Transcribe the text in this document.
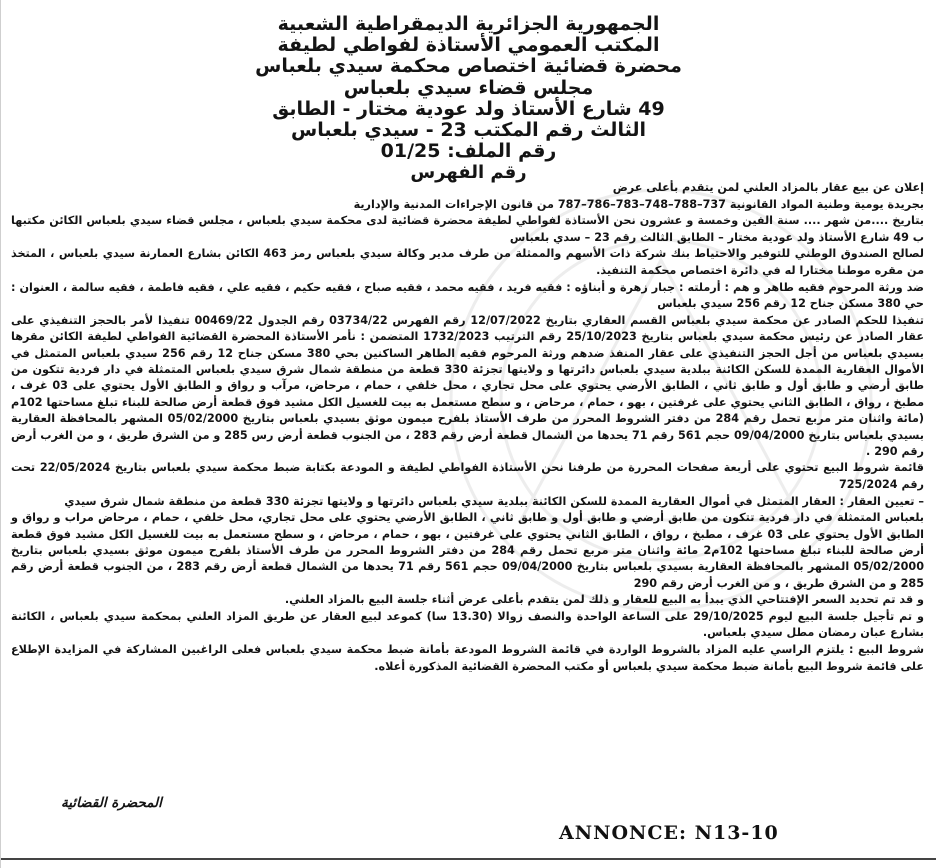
الجمهورية الجزائرية الديمقراطية الشعبية
المكتب العمومي الأستاذة لفواطي لطيفة
محضرة قضائية اختصاص محكمة سيدي بلعباس
مجلس قضاء سيدي بلعباس
49 شارع الأستاذ ولد عودية مختار - الطابق
الثالث رقم المكتب 23 - سيدي بلعباس
رقم الملف: 01/25
رقم الفهرس

إعلان عن بيع عقار بالمزاد العلني لمن يتقدم بأعلى عرض

بجريدة يومية وطنية المواد القانونية 737–788–748–783–786–787 من قانون الإجراءات المدنية والإدارية

بتاريخ ....من شهر .... سنة الفين وخمسة و عشرون نحن الأستاذة لفواطي لطيفة محضرة قضائية لدى محكمة سيدي بلعباس ، مجلس قضاء سيدي بلعباس الكائن مكتبها ب 49 شارع الأستاذ ولد عودية مختار – الطابق الثالث رقم 23 – سدي بلعباس

لصالح الصندوق الوطني للتوفير والاحتياط بنك شركة ذات الأسهم والممثلة من طرف مدير وكالة سيدي بلعباس رمز 463 الكائن بشارع العمارنة سيدي بلعباس ، المتخذ من مقره موطنا مختارا له في دائرة اختصاص محكمة التنفيذ.

ضد ورثة المرحوم فقيه طاهر و هم : أرملته : جبار زهرة و أبناؤه : فقيه فريد ، فقيه محمد ، فقيه صباح ، فقيه حكيم ، فقيه علي ، فقيه فاطمة ، فقيه سالمة ، العنوان : حي 380 مسكن جناح 12 رقم 256 سيدي بلعباس

تنفيذا للحكم الصادر عن محكمة سيدي بلعباس القسم العقاري بتاريخ 12/07/2022 رقم الفهرس 03734/22 رقم الجدول 00469/22 تنفيذا لأمر بالحجز التنفيذي على عقار الصادر عن رئيس محكمة سيدي بلعباس بتاريخ 25/10/2023 رقم الترتيب 1732/2023 المتضمن : نأمر الأستاذة المحضرة القضائية الفواطي لطيفة الكائن مقرها بسيدي بلعباس من أجل الحجز التنفيذي على عقار المنفذ ضدهم ورثة المرحوم فقيه الطاهر الساكنين بحي 380 مسكن جناح 12 رقم 256 سيدي بلعباس المتمثل في الأموال العقارية الممدة للسكن الكائنة ببلدية سيدي بلعباس دائرتها و ولايتها تجزئة 330 قطعة من منطقة شمال شرق سيدي بلعباس المتمثلة في دار فردية تتكون من طابق أرضي و طابق أول و طابق ثاني ، الطابق الأرضي يحتوي على محل تجاري ، محل خلفي ، حمام ، مرحاض، مرآب و رواق و الطابق الأول يحتوي على 03 غرف ، مطبخ ، رواق ، الطابق الثاني يحتوي على غرفتين ، بهو ، حمام ، مرحاض ، و سطح مستعمل به بيت للغسيل الكل مشيد فوق قطعة أرض صالحة للبناء تبلغ مساحتها 102م (مائة واثنان متر مربع تحمل رقم 284 من دفتر الشروط المحرر من طرف الأستاذ بلفرح ميمون موثق بسيدي بلعباس بتاريخ 05/02/2000 المشهر بالمحافظة العقارية بسيدي بلعباس بتاريخ 09/04/2000 حجم 561 رقم 71 يحدها من الشمال قطعة أرض رقم 283 ، من الجنوب قطعة أرض رس 285 و من الشرق طريق ، و من الغرب أرض رقم 290 .

قائمة شروط البيع تحتوي على أربعة صفحات المحررة من طرفنا نحن الأستاذة الفواطي لطيفة و المودعة بكتابة ضبط محكمة سيدي بلعباس بتاريخ 22/05/2024 تحت رقم 725/2024

– تعيين العقار : العقار المتمثل في أموال العقارية الممدة للسكن الكائنة ببلدية سيدي بلعباس دائرتها و ولايتها تجزئة 330 قطعة من منطقة شمال شرق سيدي

بلعباس المتمثلة في دار فردية تتكون من طابق أرضي و طابق أول و طابق ثاني ، الطابق الأرضي يحتوي على محل تجاري، محل خلفي ، حمام ، مرحاض مراب و رواق و الطابق الأول يحتوي على 03 غرف ، مطبخ ، رواق ، الطابق الثاني يحتوي على غرفتين ، بهو ، حمام ، مرحاض ، و سطح مستعمل به بيت للغسيل الكل مشيد فوق قطعة أرض صالحة للبناء تبلغ مساحتها 102م2 مائة واثنان متر مربع تحمل رقم 284 من دفتر الشروط المحرر من طرف الأستاذ بلفرح ميمون موثق بسيدي بلعباس بتاريخ 05/02/2000 المشهر بالمحافظة العقارية بسيدي بلعباس بتاريخ 09/04/2000 حجم 561 رقم 71 يحدها من الشمال قطعة أرض رقم 283 ، من الجنوب قطعة أرض رقم 285 و من الشرق طريق ، و من الغرب أرض رقم 290

و قد تم تحديد السعر الإفتتاحي الذي يبدأ به البيع للعقار و ذلك لمن يتقدم بأعلى عرض أثناء جلسة البيع بالمزاد العلني.

و تم تأجيل جلسة البيع ليوم 29/10/2025 على الساعة الواحدة والنصف زوالا (13.30 سا) كموعد لبيع العقار عن طريق المزاد العلني بمحكمة سيدي بلعباس ، الكائنة بشارع عبان رمضان مطل سيدي بلعباس.

شروط البيع : يلتزم الراسي عليه المزاد بالشروط الواردة في قائمة الشروط المودعة بأمانة ضبط محكمة سيدي بلعباس فعلى الراغبين المشاركة في المزايدة الإطلاع على قائمة شروط البيع بأمانة ضبط محكمة سيدي بلعباس أو مكتب المحضرة القضائية المذكورة أعلاه.

المحضرة القضائية
ANNONCE: N13-10
